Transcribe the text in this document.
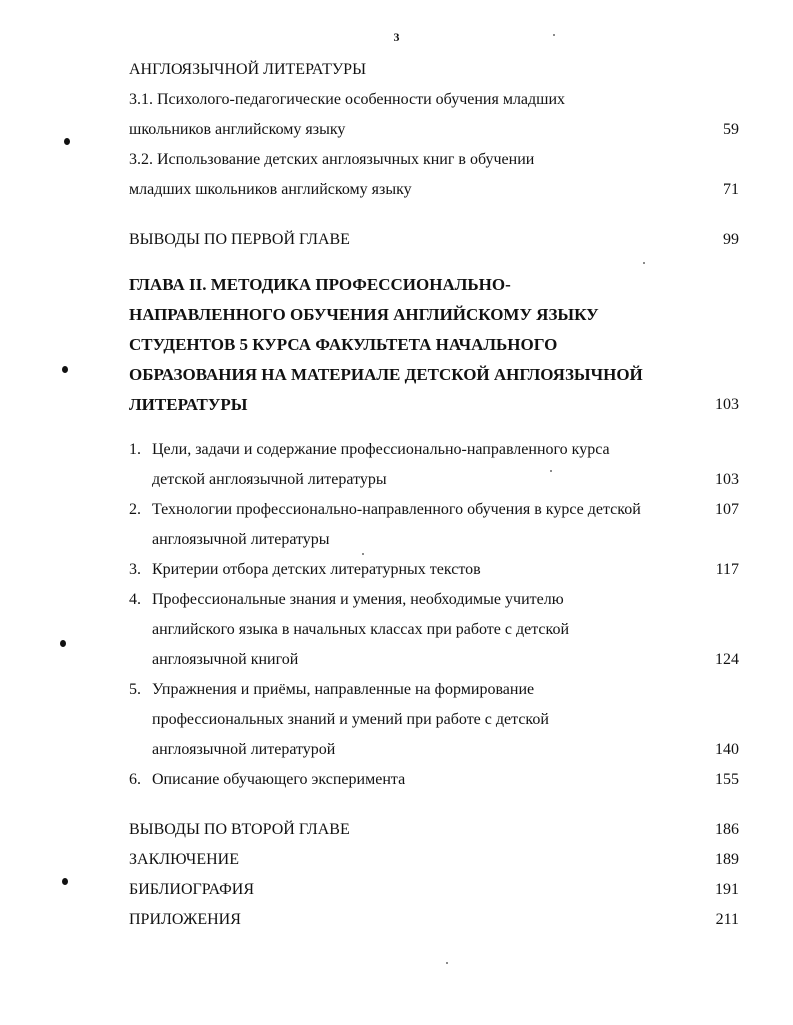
3
АНГЛОЯЗЫЧНОЙ ЛИТЕРАТУРЫ
3.1. Психолого-педагогические особенности обучения младших
школьников английскому языку	59
3.2. Использование детских англоязычных книг в обучении
младших школьников английскому языку	71
ВЫВОДЫ ПО ПЕРВОЙ ГЛАВЕ	99
ГЛАВА II. МЕТОДИКА ПРОФЕССИОНАЛЬНО-
НАПРАВЛЕННОГО ОБУЧЕНИЯ АНГЛИЙСКОМУ ЯЗЫКУ
СТУДЕНТОВ 5 КУРСА ФАКУЛЬТЕТА НАЧАЛЬНОГО
ОБРАЗОВАНИЯ НА МАТЕРИАЛЕ ДЕТСКОЙ АНГЛОЯЗЫЧНОЙ
ЛИТЕРАТУРЫ	103
1. Цели, задачи и содержание профессионально-направленного курса
детской англоязычной литературы	103
2. Технологии профессионально-направленного обучения в курсе детской	107
англоязычной литературы
3. Критерии отбора детских литературных текстов	117
4. Профессиональные знания и умения, необходимые учителю
английского языка в начальных классах при работе с детской
англоязычной книгой	124
5. Упражнения и приёмы, направленные на формирование
профессиональных знаний и умений при работе с детской
англоязычной литературой	140
6. Описание обучающего эксперимента	155
ВЫВОДЫ ПО ВТОРОЙ ГЛАВЕ	186
ЗАКЛЮЧЕНИЕ	189
БИБЛИОГРАФИЯ	191
ПРИЛОЖЕНИЯ	211
